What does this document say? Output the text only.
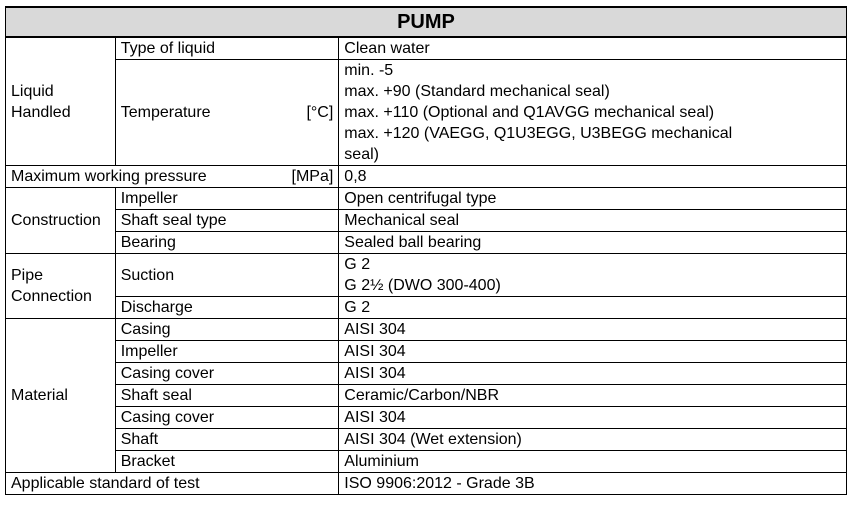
PUMP		
Liquid Handled	Type of liquid	Clean water

	Temperature [°C]	min. -5
max. +90 (Standard mechanical seal)
max. +110 (Optional and Q1AVGG mechanical seal)
max. +120 (VAEGG, Q1U3EGG, U3BEGG mechanical
seal)

Maximum working pressure [MPa]		0,8
Construction	Impeller	Open centrifugal type
	Shaft seal type	Mechanical seal
	Bearing	Sealed ball bearing
Pipe Connection	Suction	G 2
G 2½ (DWO 300-400)

	Discharge	G 2
Material	Casing	AISI 304
	Impeller	AISI 304
	Casing cover	AISI 304
	Shaft seal	Ceramic/Carbon/NBR
	Casing cover	AISI 304
	Shaft	AISI 304 (Wet extension)
	Bracket	Aluminium
Applicable standard of test		ISO 9906:2012 - Grade 3B
